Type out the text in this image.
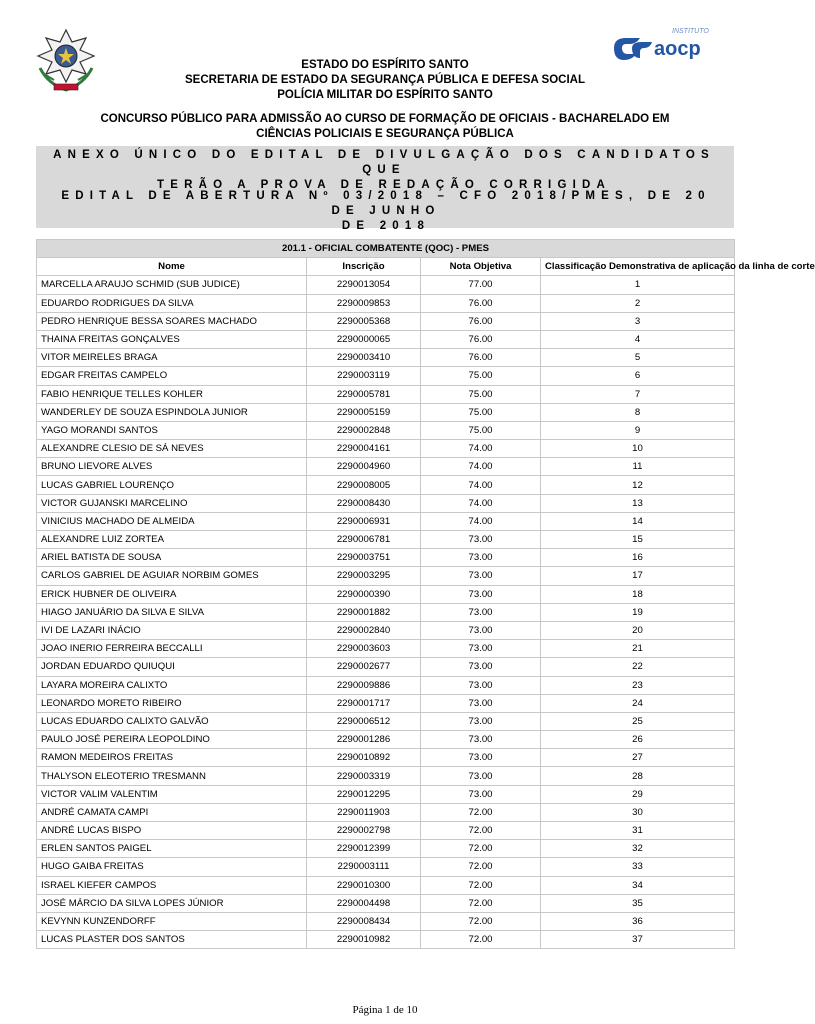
INSTITUTO
aocp
ESTADO DO ESPÍRITO SANTO
SECRETARIA DE ESTADO DA SEGURANÇA PÚBLICA E DEFESA SOCIAL
POLÍCIA MILITAR DO ESPÍRITO SANTO
CONCURSO PÚBLICO PARA ADMISSÃO AO CURSO DE FORMAÇÃO DE OFICIAIS - BACHARELADO EM
CIÊNCIAS POLICIAIS E SEGURANÇA PÚBLICA
ANEXO ÚNICO DO EDITAL DE DIVULGAÇÃO DOS CANDIDATOS QUE
TERÃO A PROVA DE REDAÇÃO CORRIGIDA
EDITAL DE ABERTURA Nº 03/2018 – CFO 2018/PMES, DE 20 DE JUNHO
DE 2018
201.1 - OFICIAL COMBATENTE (QOC) - PMES			
Nome	Inscrição	Nota Objetiva	Classificação Demonstrativa de aplicação da linha de corte
MARCELLA ARAUJO SCHMID (SUB JUDICE)	2290013054	77.00	1
EDUARDO RODRIGUES DA SILVA	2290009853	76.00	2
PEDRO HENRIQUE BESSA SOARES MACHADO	2290005368	76.00	3
THAINA FREITAS GONÇALVES	2290000065	76.00	4
VITOR MEIRELES BRAGA	2290003410	76.00	5
EDGAR FREITAS CAMPELO	2290003119	75.00	6
FABIO HENRIQUE TELLES KOHLER	2290005781	75.00	7
WANDERLEY DE SOUZA ESPINDOLA JUNIOR	2290005159	75.00	8
YAGO MORANDI SANTOS	2290002848	75.00	9
ALEXANDRE CLESIO DE SÁ NEVES	2290004161	74.00	10
BRUNO LIEVORE ALVES	2290004960	74.00	11
LUCAS GABRIEL LOURENÇO	2290008005	74.00	12
VICTOR GUJANSKI MARCELINO	2290008430	74.00	13
VINICIUS MACHADO DE ALMEIDA	2290006931	74.00	14
ALEXANDRE LUIZ ZORTEA	2290006781	73.00	15
ARIEL BATISTA DE SOUSA	2290003751	73.00	16
CARLOS GABRIEL DE AGUIAR NORBIM GOMES	2290003295	73.00	17
ERICK HUBNER DE OLIVEIRA	2290000390	73.00	18
HIAGO JANUÁRIO DA SILVA E SILVA	2290001882	73.00	19
IVI DE LAZARI INÁCIO	2290002840	73.00	20
JOAO INERIO FERREIRA BECCALLI	2290003603	73.00	21
JORDAN EDUARDO QUIUQUI	2290002677	73.00	22
LAYARA MOREIRA CALIXTO	2290009886	73.00	23
LEONARDO MORETO RIBEIRO	2290001717	73.00	24
LUCAS EDUARDO CALIXTO GALVÃO	2290006512	73.00	25
PAULO JOSÉ PEREIRA LEOPOLDINO	2290001286	73.00	26
RAMON MEDEIROS FREITAS	2290010892	73.00	27
THALYSON ELEOTERIO TRESMANN	2290003319	73.00	28
VICTOR VALIM VALENTIM	2290012295	73.00	29
ANDRÉ CAMATA CAMPI	2290011903	72.00	30
ANDRÉ LUCAS BISPO	2290002798	72.00	31
ERLEN SANTOS PAIGEL	2290012399	72.00	32
HUGO GAIBA FREITAS	2290003111	72.00	33
ISRAEL KIEFER CAMPOS	2290010300	72.00	34
JOSÉ MÁRCIO DA SILVA LOPES JÚNIOR	2290004498	72.00	35
KEVYNN KUNZENDORFF	2290008434	72.00	36
LUCAS PLASTER DOS SANTOS	2290010982	72.00	37
Página 1 de 10
